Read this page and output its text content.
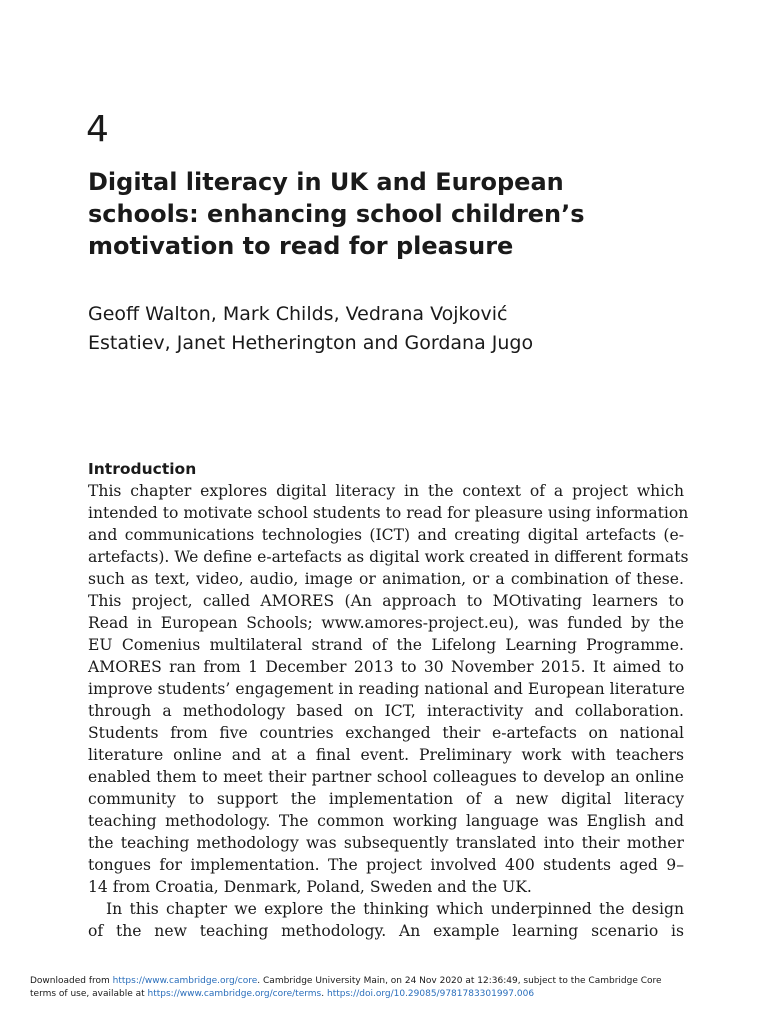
4
Digital literacy in UK and European
schools: enhancing school children’s
motivation to read for pleasure

Geoff Walton, Mark Childs, Vedrana Vojković
Estatiev, Janet Hetherington and Gordana Jugo

Introduction
This chapter explores digital literacy in the context of a project which
intended to motivate school students to read for pleasure using information
and communications technologies (ICT) and creating digital artefacts (e-
artefacts). We define e-artefacts as digital work created in different formats
such as text, video, audio, image or animation, or a combination of these.
This project, called AMORES (An approach to MOtivating learners to
Read in European Schools; www.amores-project.eu), was funded by the
EU Comenius multilateral strand of the Lifelong Learning Programme.
AMORES ran from 1 December 2013 to 30 November 2015. It aimed to
improve students’ engagement in reading national and European literature
through a methodology based on ICT, interactivity and collaboration.
Students from five countries exchanged their e-artefacts on national
literature online and at a final event. Preliminary work with teachers
enabled them to meet their partner school colleagues to develop an online
community to support the implementation of a new digital literacy
teaching methodology. The common working language was English and
the teaching methodology was subsequently translated into their mother
tongues for implementation. The project involved 400 students aged 9–
14 from Croatia, Denmark, Poland, Sweden and the UK.
In this chapter we explore the thinking which underpinned the design
of the new teaching methodology. An example learning scenario is
Downloaded from https://www.cambridge.org/core. Cambridge University Main, on 24 Nov 2020 at 12:36:49, subject to the Cambridge Core
terms of use, available at https://www.cambridge.org/core/terms. https://doi.org/10.29085/9781783301997.006
